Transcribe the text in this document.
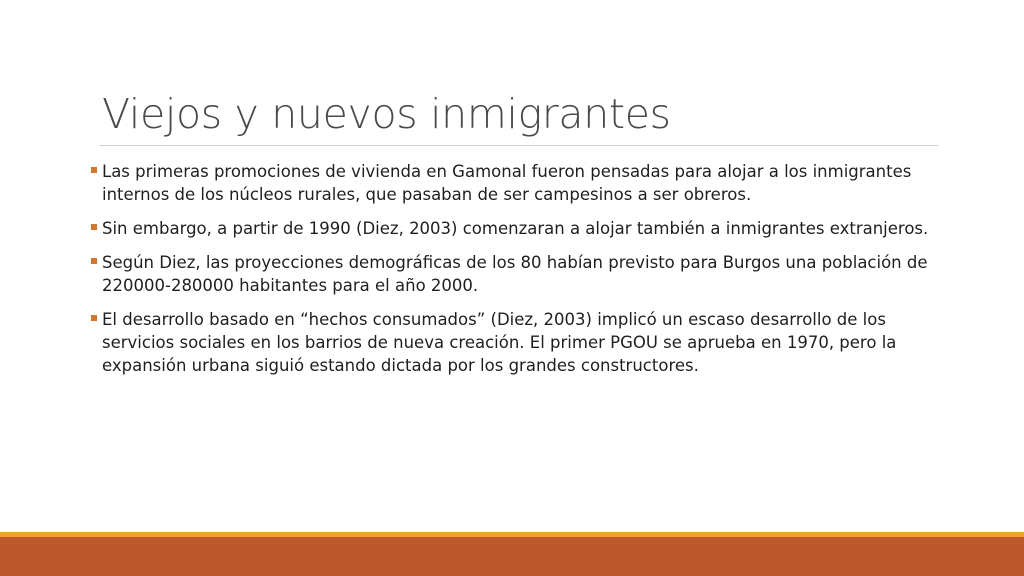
Viejos y nuevos inmigrantes
Las primeras promociones de vivienda en Gamonal fueron pensadas para alojar a los inmigrantes internos de los núcleos rurales, que pasaban de ser campesinos a ser obreros.
Sin embargo, a partir de 1990 (Diez, 2003) comenzaran a alojar también a inmigrantes extranjeros.
Según Diez, las proyecciones demográficas de los 80 habían previsto para Burgos una población de 220000-280000 habitantes para el año 2000.
El desarrollo basado en “hechos consumados” (Diez, 2003) implicó un escaso desarrollo de los servicios sociales en los barrios de nueva creación. El primer PGOU se aprueba en 1970, pero la expansión urbana siguió estando dictada por los grandes constructores.
